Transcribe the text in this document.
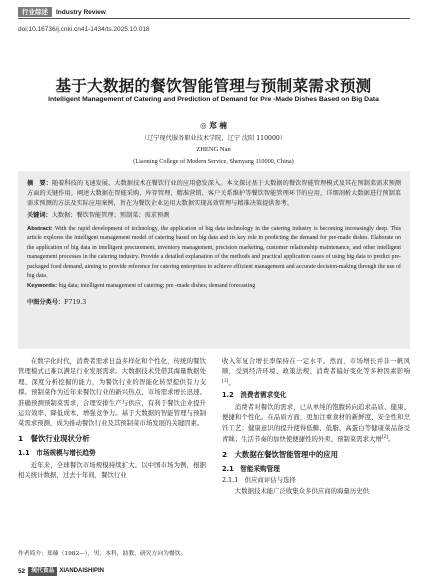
行业综述	Industry Review
doi:10.16736/j.cnki.cn41-1434/ts.2025.10.018
基于大数据的餐饮智能管理与预制菜需求预测
Intelligent Management of Catering and Prediction of Demand for Pre -Made Dishes Based on Big Data
◎ 郑 楠
（辽宁现代服务职业技术学院，辽宁 沈阳 110000）
ZHENG Nan
(Liaoning College of Modern Service, Shenyang 110000, China)
摘　要：随着科技的飞速发展，大数据技术在餐饮行业的应用愈发深入。本文探讨基于大数据的餐饮智能管理模式及其在预制菜需求预测方面的关键作用。阐述大数据在智能采购、库存管理、精准营销、客户关系维护等餐饮智能管理环节的应用，详细剖析大数据进行预制菜需求预测的方法及实际应用案例，旨在为餐饮企业运用大数据实现高效管理与精准决策提供参考。
关键词：大数据；餐饮智能管理；预制菜；需求预测
Abstract: With the rapid development of technology, the application of big data technology in the catering industry is becoming increasingly deep. This article explores the intelligent management model of catering based on big data and its key role in predicting the demand for pre-made dishes. Elaborate on the application of big data in intelligent procurement, inventory management, precision marketing, customer relationship maintenance, and other intelligent management processes in the catering industry. Provide a detailed explanation of the methods and practical application cases of using big data to predict pre-packaged food demand, aiming to provide reference for catering enterprises to achieve efficient management and accurate decision-making through the use of big data.
Keywords: big data; intelligent management of catering; pre -made dishes; demand forecasting
中图分类号：F719.3

在数字化时代，消费者需求日益多样化和个性化，传统的餐饮管理模式已难以满足行业发展需求。大数据技术凭借其海量数据处理、深度分析挖掘的能力，为餐饮行业的智能化转型提供有力支撑。预制菜作为近年来餐饮行业的新兴热点，市场需求增长迅速。准确预测预制菜需求，合理安排生产与供应，有利于餐饮企业提升运营效率、降低成本、增强竞争力。基于大数据的智能管理与预制菜需求预测，成为推动餐饮行业及其预制菜市场发展的关键因素。

1　餐饮行业现状分析
1.1　市场规模与增长趋势

近年来，全球餐饮市场规模持续扩大。以中国市场为例，根据相关统计数据，过去十年间，餐饮行业

收入年复合增长率保持在一定水平。然而，市场增长并非一帆风顺，受到经济环境、政策法规、消费者偏好变化等多种因素影响[1]。

1.2　消费者需求变化

消费者对餐饮的需求，已从单纯的饱腹转向追求品质、健康、便捷和个性化。在品质方面，更加注重食材的新鲜度、安全性和烹饪工艺；健康意识的提升使得低糖、低脂、高蛋白等健康菜品备受青睐；生活节奏的加快使便捷性的外卖、预制菜需求大增[2]。

2　大数据在餐饮智能管理中的应用
2.1　智能采购管理
2.1.1　供应商评估与选择

大数据技术能广泛收集众多供应商的海量历史供

作者简介：郑楠（1982—），男，本科，助教，研究方向为餐饮。
52	现代食品 XIANDAISHIPIN
